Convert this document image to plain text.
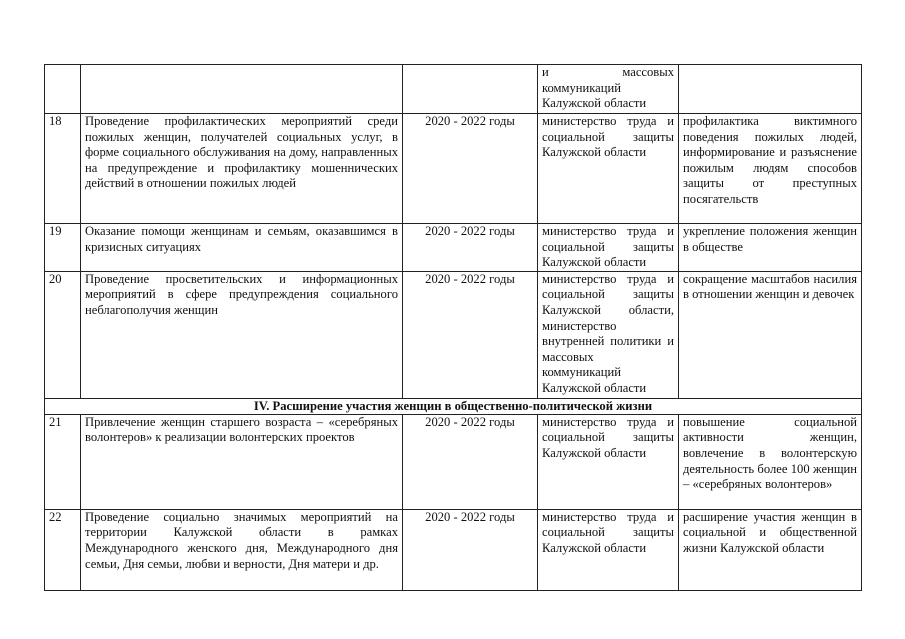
			и массовых коммуникаций Калужской области	
18	Проведение профилактических мероприятий среди пожилых женщин, получателей социальных услуг, в форме социального обслуживания на дому, направленных на предупреждение и профилактику мошеннических действий в отношении пожилых людей	2020 - 2022 годы	министерство труда и социальной защиты Калужской области	профилактика виктимного поведения пожилых людей, информирование и разъяснение пожилым людям способов защиты от преступных посягательств
19	Оказание помощи женщинам и семьям, оказавшимся в кризисных ситуациях	2020 - 2022 годы	министерство труда и социальной защиты Калужской области	укрепление положения женщин в обществе
20	Проведение просветительских и информационных мероприятий в сфере предупреждения социального неблагополучия женщин	2020 - 2022 годы	министерство труда и социальной защиты Калужской области, министерство внутренней политики и массовых коммуникаций Калужской области	сокращение масштабов насилия в отношении женщин и девочек
IV. Расширение участия женщин в общественно-политической жизни				
21	Привлечение женщин старшего возраста – «серебряных волонтеров» к реализации волонтерских проектов	2020 - 2022 годы	министерство труда и социальной защиты Калужской области	повышение социальной активности женщин, вовлечение в волонтерскую деятельность более 100 женщин – «серебряных волонтеров»
22	Проведение социально значимых мероприятий на территории Калужской области в рамках Международного женского дня, Международного дня семьи, Дня семьи, любви и верности, Дня матери и др.	2020 - 2022 годы	министерство труда и социальной защиты Калужской области	расширение участия женщин в социальной и общественной жизни Калужской области
